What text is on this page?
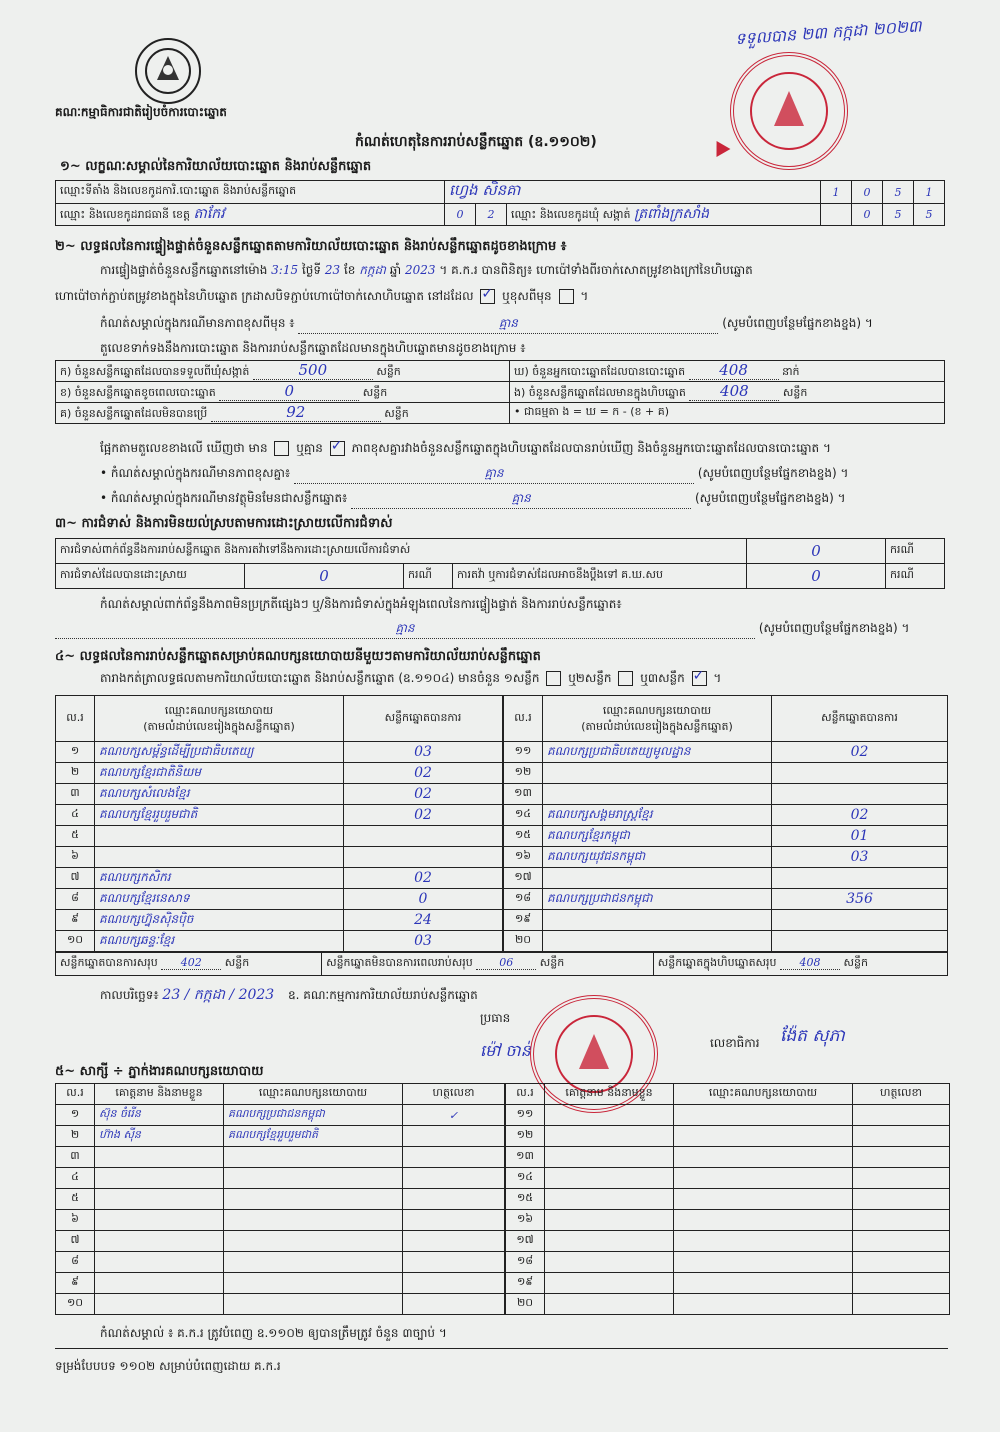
គណៈកម្មាធិការជាតិរៀបចំការបោះឆ្នោត
កំណត់ហេតុនៃការរាប់សន្លឹកឆ្នោត (ឧ.១១០២)
ទទួលបាន ២៣ កក្កដា ២០២៣
១~ លក្ខណៈសម្គាល់នៃការិយាល័យបោះឆ្នោត និងរាប់សន្លឹកឆ្នោត
ឈ្មោះទីតាំង និងលេខកូដការិ.បោះឆ្នោត និងរាប់សន្លឹកឆ្នោត	ហ្វេង សិនគា			1	0	5	1
ឈ្មោះ និងលេខកូដរាជធានី ខេត្ត តាកែវ	0	2	ឈ្មោះ និងលេខកូដឃុំ សង្កាត់ ត្រពាំងក្រសាំង		0	5	5
២~ លទ្ធផលនៃការផ្ទៀងផ្ទាត់ចំនួនសន្លឹកឆ្នោតតាមការិយាល័យបោះឆ្នោត និងរាប់សន្លឹកឆ្នោតដូចខាងក្រោម ៖
ការផ្ទៀងផ្ទាត់ចំនួនសន្លឹកឆ្នោតនៅម៉ោង 3:15 ថ្ងៃទី 23 ខែ កក្កដា ឆ្នាំ 2023 ។ គ.ក.រ បានពិនិត្យ៖ ហោប៉ៅទាំងពីរចាក់សោតម្រូវខាងក្រៅនៃហិបឆ្នោត
ហោប៉ៅចាក់ភ្ជាប់តម្រូវខាងក្នុងនៃហិបឆ្នោត ក្រដាសបិទភ្ជាប់ហោប៉ៅចាក់សោហិបឆ្នោត នៅដដែល ✓ ឬខុសពីមុន  ។
កំណត់សម្គាល់ក្នុងករណីមានភាពខុសពីមុន ៖	គ្មាន	(សូមបំពេញបន្ថែមផ្នែកខាងខ្នង) ។
តួលេខទាក់ទងនឹងការបោះឆ្នោត និងការរាប់សន្លឹកឆ្នោតដែលមានក្នុងហិបឆ្នោតមានដូចខាងក្រោម ៖
ក) ចំនួនសន្លឹកឆ្នោតដែលបានទទួលពីឃុំសង្កាត់ 500 សន្លឹក	ឃ) ចំនួនអ្នកបោះឆ្នោតដែលបានបោះឆ្នោត 408 នាក់
ខ) ចំនួនសន្លឹកឆ្នោតខូចពេលបោះឆ្នោត 0 សន្លឹក	ង) ចំនួនសន្លឹកឆ្នោតដែលមានក្នុងហិបឆ្នោត 408 សន្លឹក
គ) ចំនួនសន្លឹកឆ្នោតដែលមិនបានប្រើ 92 សន្លឹក	• ជាធម្មតា ង = ឃ = ក - (ខ + គ)
ផ្អែកតាមតួលេខខាងលើ ឃើញថា មាន ឬគ្មាន ✓ ភាពខុសគ្នារវាងចំនួនសន្លឹកឆ្នោតក្នុងហិបឆ្នោតដែលបានរាប់ឃើញ និងចំនួនអ្នកបោះឆ្នោតដែលបានបោះឆ្នោត ។
• កំណត់សម្គាល់ក្នុងករណីមានភាពខុសគ្នា៖	គ្មាន	(សូមបំពេញបន្ថែមផ្នែកខាងខ្នង) ។
• កំណត់សម្គាល់ក្នុងករណីមានវត្ថុមិនមែនជាសន្លឹកឆ្នោត៖	គ្មាន	(សូមបំពេញបន្ថែមផ្នែកខាងខ្នង) ។
៣~ ការជំទាស់ និងការមិនយល់ស្របតាមការដោះស្រាយលើការជំទាស់
ការជំទាស់ពាក់ព័ន្ធនឹងការរាប់សន្លឹកឆ្នោត និងការតវ៉ាទៅនឹងការដោះស្រាយលើការជំទាស់				0	ករណី
ការជំទាស់ដែលបានដោះស្រាយ	0	ករណី	ការតវ៉ា ឬការជំទាស់ដែលអាចនឹងប្តឹងទៅ គ.ឃ.សប	0	ករណី
កំណត់សម្គាល់ពាក់ព័ន្ធនឹងភាពមិនប្រក្រតីផ្សេងៗ ឬ/និងការជំទាស់ក្នុងអំឡុងពេលនៃការផ្ទៀងផ្ទាត់ និងការរាប់សន្លឹកឆ្នោត៖
គ្មាន	(សូមបំពេញបន្ថែមផ្នែកខាងខ្នង) ។
៤~ លទ្ធផលនៃការរាប់សន្លឹកឆ្នោតសម្រាប់គណបក្សនយោបាយនីមួយៗតាមការិយាល័យរាប់សន្លឹកឆ្នោត
តារាងកត់ត្រាលទ្ធផលតាមការិយាល័យបោះឆ្នោត និងរាប់សន្លឹកឆ្នោត (ឧ.១១០៤) មានចំនួន ១សន្លឹក ឬ២សន្លឹក ឬ៣សន្លឹក ✓ ។
ល.រ	ឈ្មោះគណបក្សនយោបាយ
(តាមលំដាប់លេខរៀងក្នុងសន្លឹកឆ្នោត)	សន្លឹកឆ្នោតបានការ
១	គណបក្សសម្ព័ន្ធដើម្បីប្រជាធិបតេយ្យ	03
២	គណបក្សខ្មែរជាតិនិយម	02
៣	គណបក្សសំលេងខ្មែរ	02
៤	គណបក្សខ្មែររួបរួមជាតិ	02
៥		
៦		
៧	គណបក្សកសិករ	02
៨	គណបក្សខ្មែរនេសាទ	0
៩	គណបក្សហ្វ៊ុនស៊ិនប៉ិច	24
១០	គណបក្សឆន្ទៈខ្មែរ	03
ល.រ	ឈ្មោះគណបក្សនយោបាយ
(តាមលំដាប់លេខរៀងក្នុងសន្លឹកឆ្នោត)	សន្លឹកឆ្នោតបានការ
១១	គណបក្សប្រជាធិបតេយ្យមូលដ្ឋាន	02
១២		
១៣		
១៤	គណបក្សសង្គមរាស្ត្រខ្មែរ	02
១៥	គណបក្សខ្មែរកម្ពុជា	01
១៦	គណបក្សយុវជនកម្ពុជា	03
១៧		
១៨	គណបក្សប្រជាជនកម្ពុជា	356
១៩		
២០		
សន្លឹកឆ្នោតបានការសរុប 402 សន្លឹក	សន្លឹកឆ្នោតមិនបានការពេលរាប់សរុប 06 សន្លឹក	សន្លឹកឆ្នោតក្នុងហិបឆ្នោតសរុប 408 សន្លឹក
កាលបរិច្ឆេទ៖ 23 / កក្កដា / 2023 ឧ. គណៈកម្មការការិយាល័យរាប់សន្លឹកឆ្នោត
ប្រធាន
ម៉ៅ ចាន់	លេខាធិការ ង៉ែត សុភា
៥~ សាក្សី ÷ ភ្នាក់ងារគណបក្សនយោបាយ
ល.រ	គោត្តនាម និងនាមខ្លួន	ឈ្មោះគណបក្សនយោបាយ	ហត្ថលេខា
១	ស៊ុន ចំរើន	គណបក្សប្រជាជនកម្ពុជា	✓
២	ហ៊ាង ស៊ីន	គណបក្សខ្មែររួបរួមជាតិ	
៣			
៤			
៥			
៦			
៧			
៨			
៩			
១០			
ល.រ	គោត្តនាម និងនាមខ្លួន	ឈ្មោះគណបក្សនយោបាយ	ហត្ថលេខា
១១			
១២			
១៣			
១៤			
១៥			
១៦			
១៧			
១៨			
១៩			
២០			
កំណត់សម្គាល់ ៖ គ.ក.រ ត្រូវបំពេញ ឧ.១១០២ ឲ្យបានត្រឹមត្រូវ ចំនួន ៣ច្បាប់ ។
ទម្រង់បែបបទ ១១០២ សម្រាប់បំពេញដោយ គ.ក.រ
